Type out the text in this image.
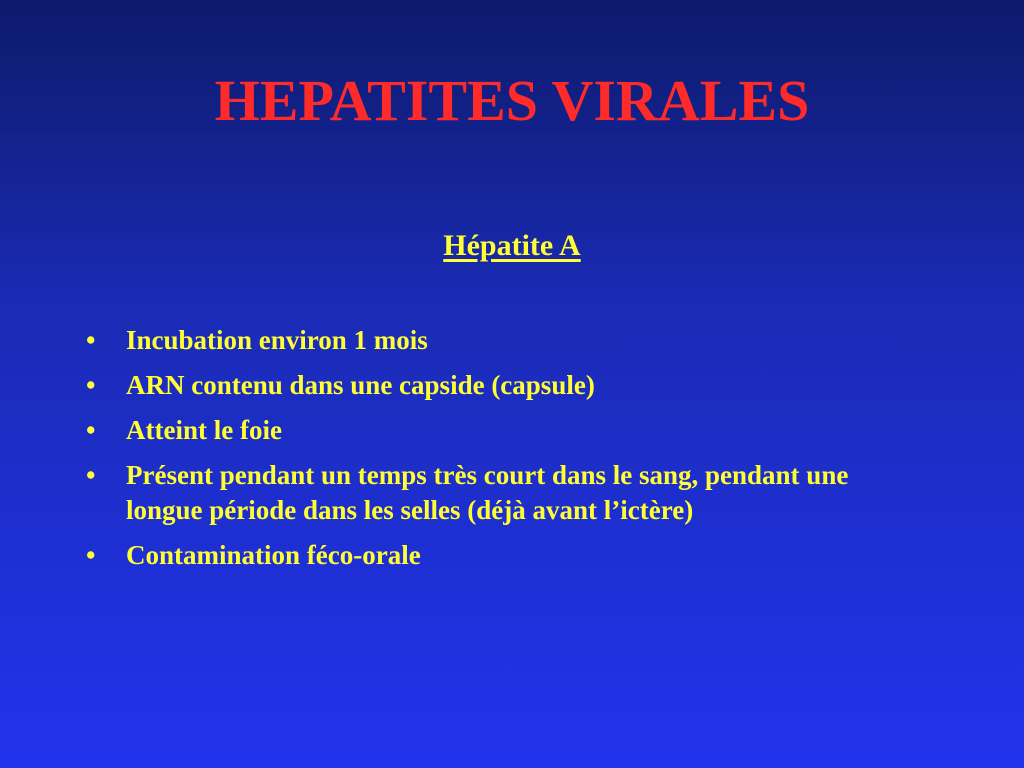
HEPATITES VIRALES
Hépatite A
• Incubation environ 1 mois
• ARN contenu dans une capside (capsule)
• Atteint le foie
• Présent pendant un temps très court dans le sang, pendant une longue période dans les selles (déjà avant l’ictère)
• Contamination féco-orale
